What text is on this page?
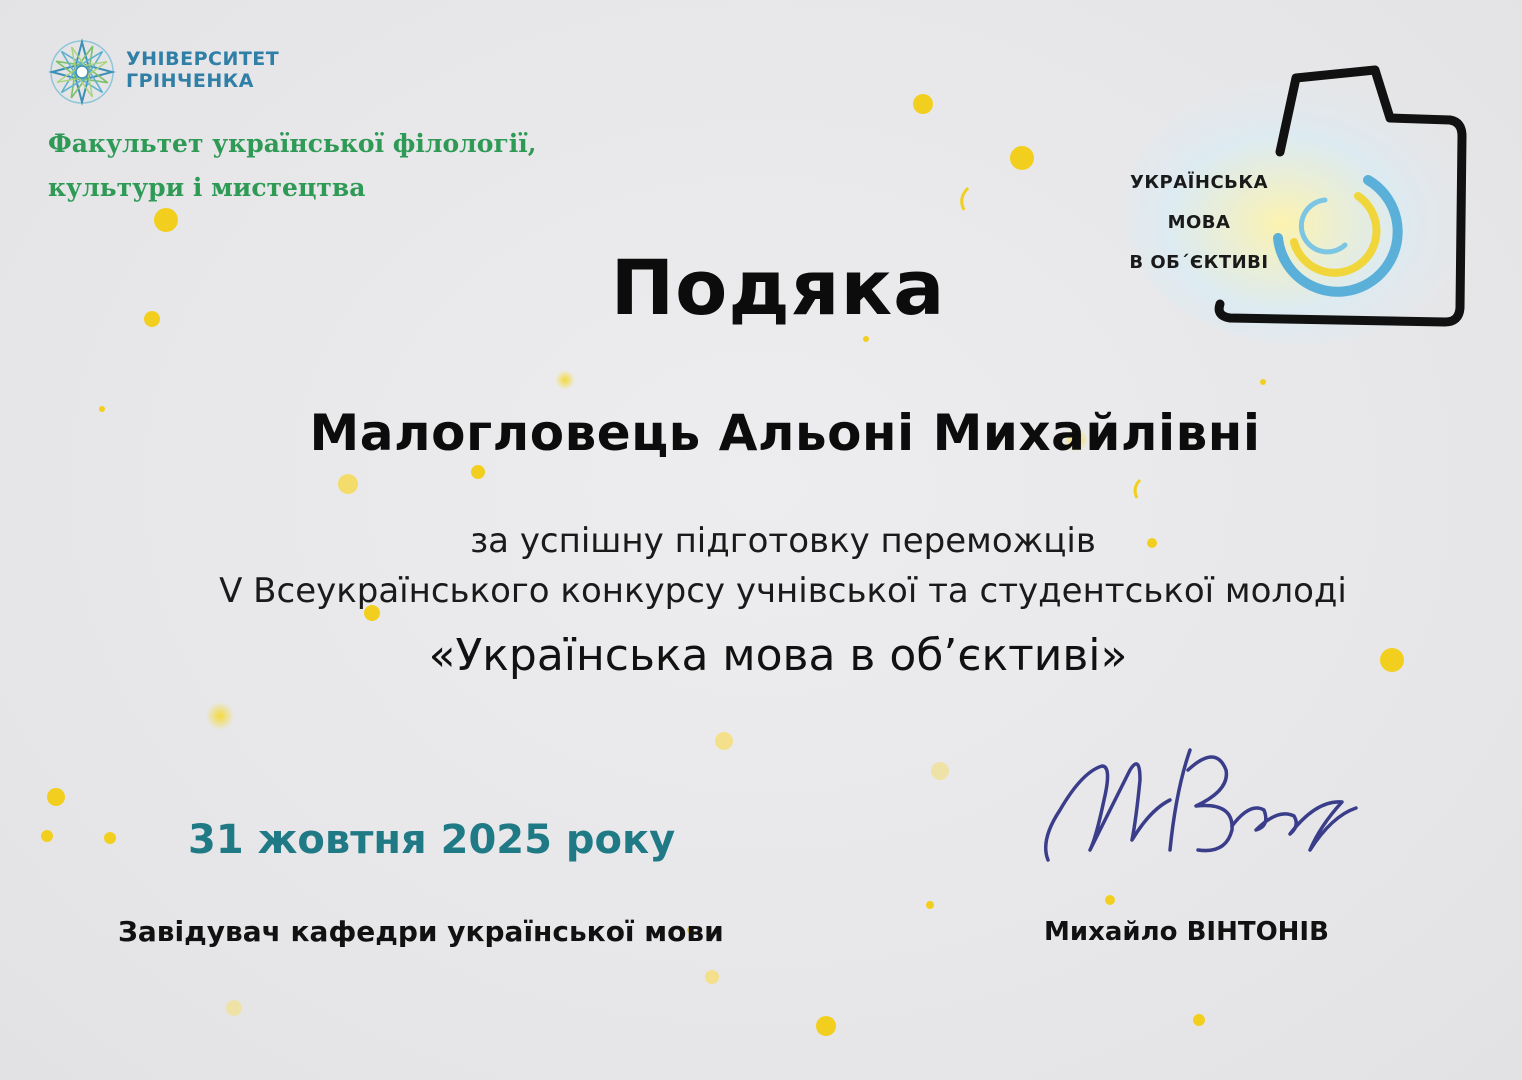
УНІВЕРСИТЕТ
ГРІНЧЕНКА
Факультет української філології,
культури і мистецтва	УКРАЇНСЬКА
МОВА
В ОБ´ЄКТИВІ
Подяка
Малогловець Альоні Михайлівні
за успішну підготовку переможців
V Всеукраїнського конкурсу учнівської та студентської молоді
«Українська мова в об’єктиві»
31 жовтня 2025 року
Завідувач кафедри української мови	Михайло ВІНТОНІВ
